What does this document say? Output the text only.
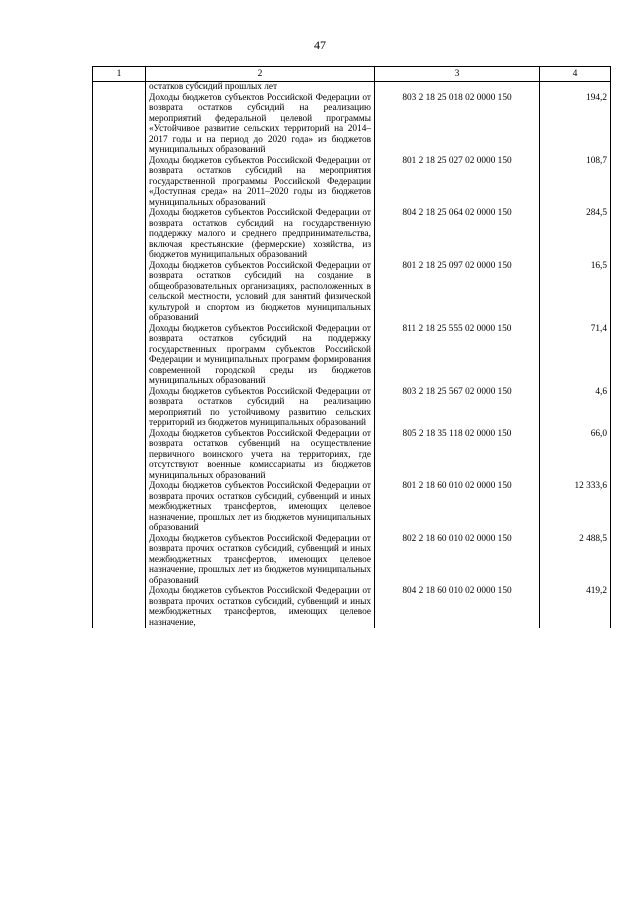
47
1	2	3	4
	остатков субсидий прошлых лет		
	Доходы бюджетов субъектов Российской Федерации от возврата остатков субсидий на реализацию мероприятий федеральной целевой программы «Устойчивое развитие сельских территорий на 2014–2017 годы и на период до 2020 года» из бюджетов муниципальных образований	803 2 18 25 018 02 0000 150	194,2
	Доходы бюджетов субъектов Российской Федерации от возврата остатков субсидий на мероприятия государственной программы Российской Федерации «Доступная среда» на 2011–2020 годы из бюджетов муниципальных образований	801 2 18 25 027 02 0000 150	108,7
	Доходы бюджетов субъектов Российской Федерации от возврата остатков субсидий на государственную поддержку малого и среднего предпринимательства, включая крестьянские (фермерские) хозяйства, из бюджетов муниципальных образований	804 2 18 25 064 02 0000 150	284,5
	Доходы бюджетов субъектов Российской Федерации от возврата остатков субсидий на создание в общеобразовательных организациях, расположенных в сельской местности, условий для занятий физической культурой и спортом из бюджетов муниципальных образований	801 2 18 25 097 02 0000 150	16,5
	Доходы бюджетов субъектов Российской Федерации от возврата остатков субсидий на поддержку государственных программ субъектов Российской Федерации и муниципальных программ формирования современной городской среды из бюджетов муниципальных образований	811 2 18 25 555 02 0000 150	71,4
	Доходы бюджетов субъектов Российской Федерации от возврата остатков субсидий на реализацию мероприятий по устойчивому развитию сельских территорий из бюджетов муниципальных образований	803 2 18 25 567 02 0000 150	4,6
	Доходы бюджетов субъектов Российской Федерации от возврата остатков субвенций на осуществление первичного воинского учета на территориях, где отсутствуют военные комиссариаты из бюджетов муниципальных образований	805 2 18 35 118 02 0000 150	66,0
	Доходы бюджетов субъектов Российской Федерации от возврата прочих остатков субсидий, субвенций и иных межбюджетных трансфертов, имеющих целевое назначение, прошлых лет из бюджетов муниципальных образований	801 2 18 60 010 02 0000 150	12 333,6
	Доходы бюджетов субъектов Российской Федерации от возврата прочих остатков субсидий, субвенций и иных межбюджетных трансфертов, имеющих целевое назначение, прошлых лет из бюджетов муниципальных образований	802 2 18 60 010 02 0000 150	2 488,5
	Доходы бюджетов субъектов Российской Федерации от возврата прочих остатков субсидий, субвенций и иных межбюджетных трансфертов, имеющих целевое назначение,	804 2 18 60 010 02 0000 150	419,2
